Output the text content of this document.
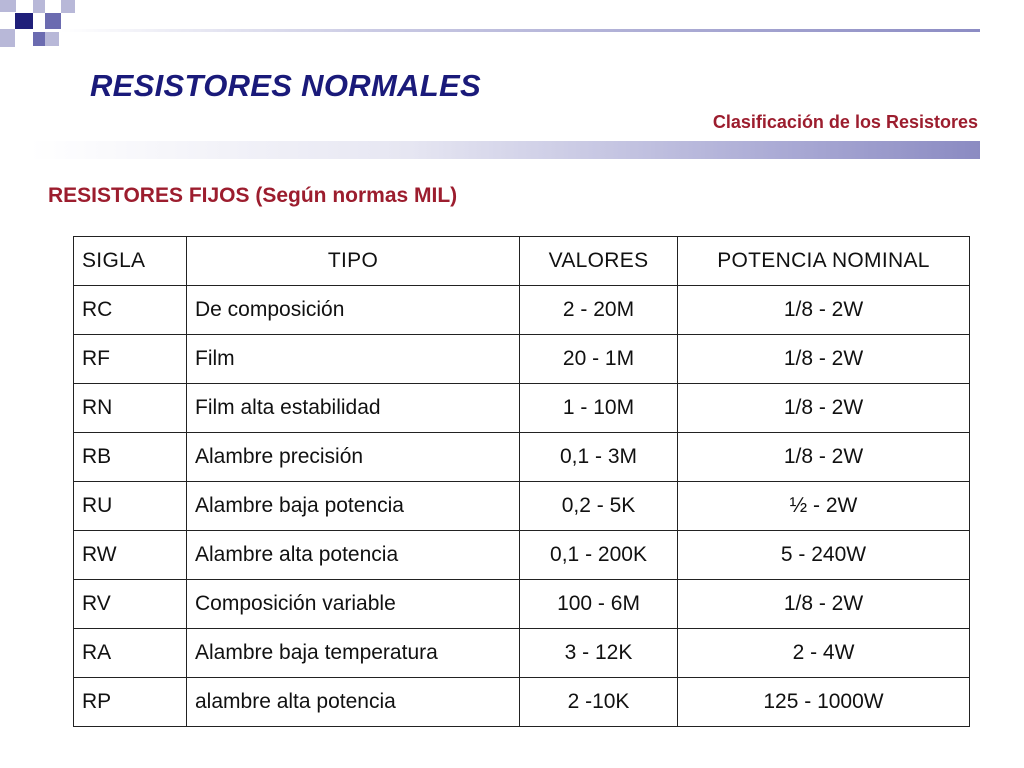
RESISTORES NORMALES
Clasificación de los Resistores
RESISTORES FIJOS (Según normas MIL)
SIGLA	TIPO	VALORES	POTENCIA NOMINAL
RC	De composición	2 - 20M	1/8 - 2W
RF	Film	20 - 1M	1/8 - 2W
RN	Film alta estabilidad	1 - 10M	1/8 - 2W
RB	Alambre precisión	0,1 - 3M	1/8 - 2W
RU	Alambre baja potencia	0,2 - 5K	½ - 2W
RW	Alambre alta potencia	0,1 - 200K	5 - 240W
RV	Composición variable	100 - 6M	1/8 - 2W
RA	Alambre baja temperatura	3 - 12K	2 - 4W
RP	alambre alta potencia	2 -10K	125 - 1000W
